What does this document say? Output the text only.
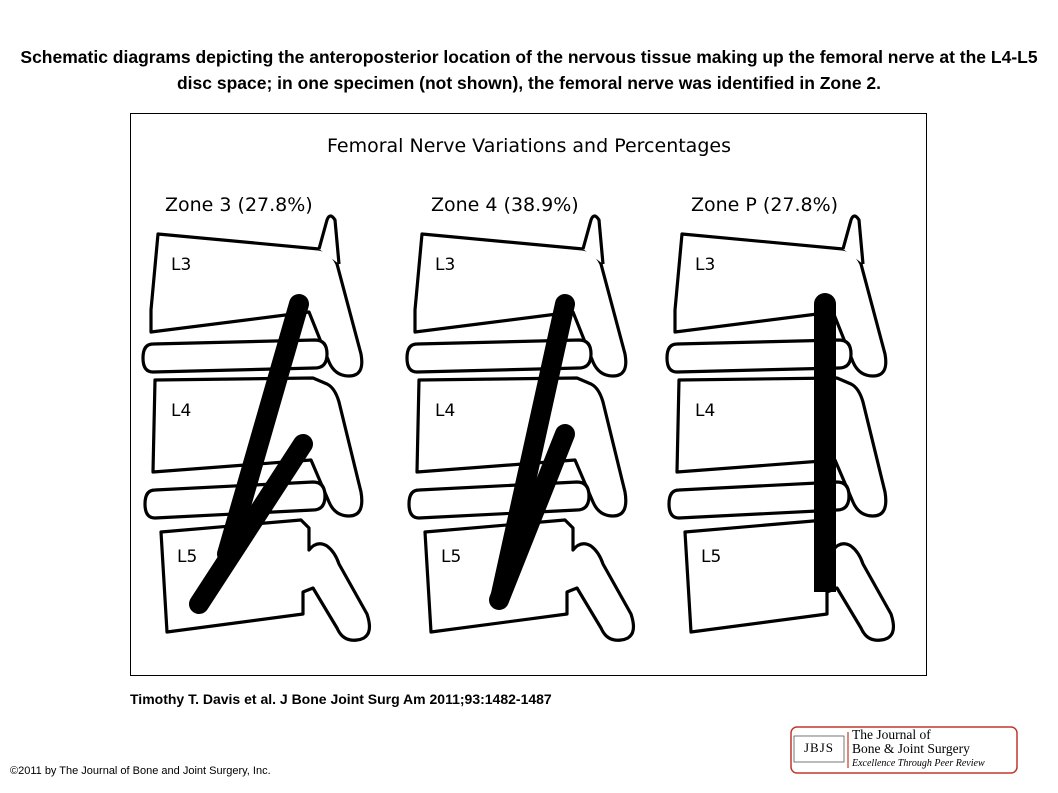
Schematic diagrams depicting the anteroposterior location of the nervous tissue making up the femoral nerve at the L4-L5 disc space; in one specimen (not shown), the femoral nerve was identified in Zone 2.
Femoral Nerve Variations and Percentages
Zone 3 (27.8%)
L3
L4
L5
Zone 4 (38.9%)
L3
L4
L5
Zone P (27.8%)
L3
L4
L5
Timothy T. Davis et al. J Bone Joint Surg Am 2011;93:1482-1487
©2011 by The Journal of Bone and Joint Surgery, Inc.
JBJS
The Journal of
Bone & Joint Surgery
Excellence Through Peer Review
